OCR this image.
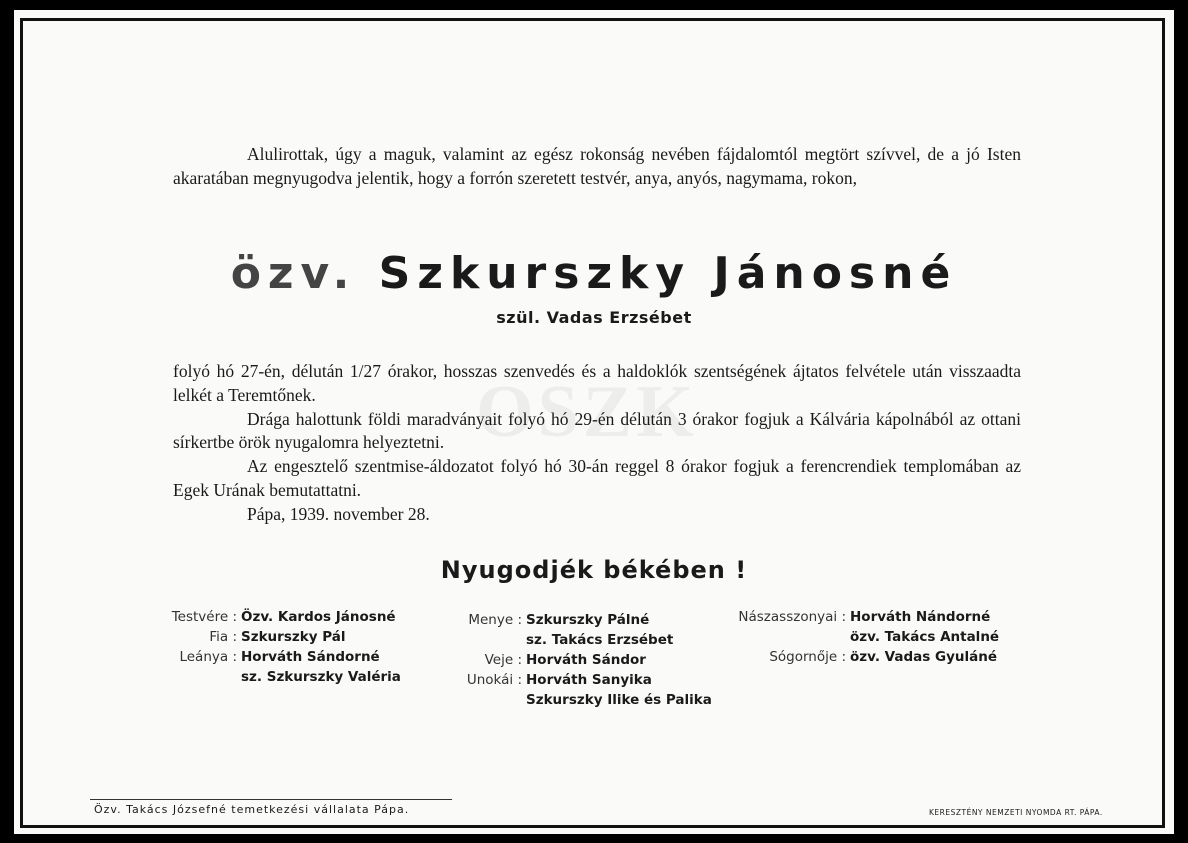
OSZK
Alulirottak, úgy a maguk, valamint az egész rokonság nevében fájdalomtól megtört szívvel, de a jó Isten akaratában megnyugodva jelentik, hogy a forrón szeretett testvér, anya, anyós, nagymama, rokon,
özv. Szkurszky Jánosné
szül. Vadas Erzsébet

folyó hó 27-én, délután 1/27 órakor, hosszas szenvedés és a haldoklók szentségének ájtatos felvétele után visszaadta lelkét a Teremtőnek.

Drága halottunk földi maradványait folyó hó 29-én délután 3 órakor fogjuk a Kálvária kápolnából az ottani sírkertbe örök nyugalomra helyeztetni.

Az engesztelő szentmise-áldozatot folyó hó 30-án reggel 8 órakor fogjuk a ferencrendiek templomában az Egek Urának bemutattatni.

Pápa, 1939. november 28.

Nyugodjék békében !
Testvére : Özv. Kardos Jánosné
Fia : Szkurszky Pál
Leánya : Horváth Sándorné
sz. Szkurszky Valéria
Menye : Szkurszky Pálné
sz. Takács Erzsébet
Veje : Horváth Sándor
Unokái : Horváth Sanyika
Szkurszky Ilike és Palika
Nászasszonyai : Horváth Nándorné
özv. Takács Antalné
Sógornője : özv. Vadas Gyuláné
Özv. Takács Józsefné temetkezési vállalata Pápa.	KERESZTÉNY NEMZETI NYOMDA RT. PÁPA.
